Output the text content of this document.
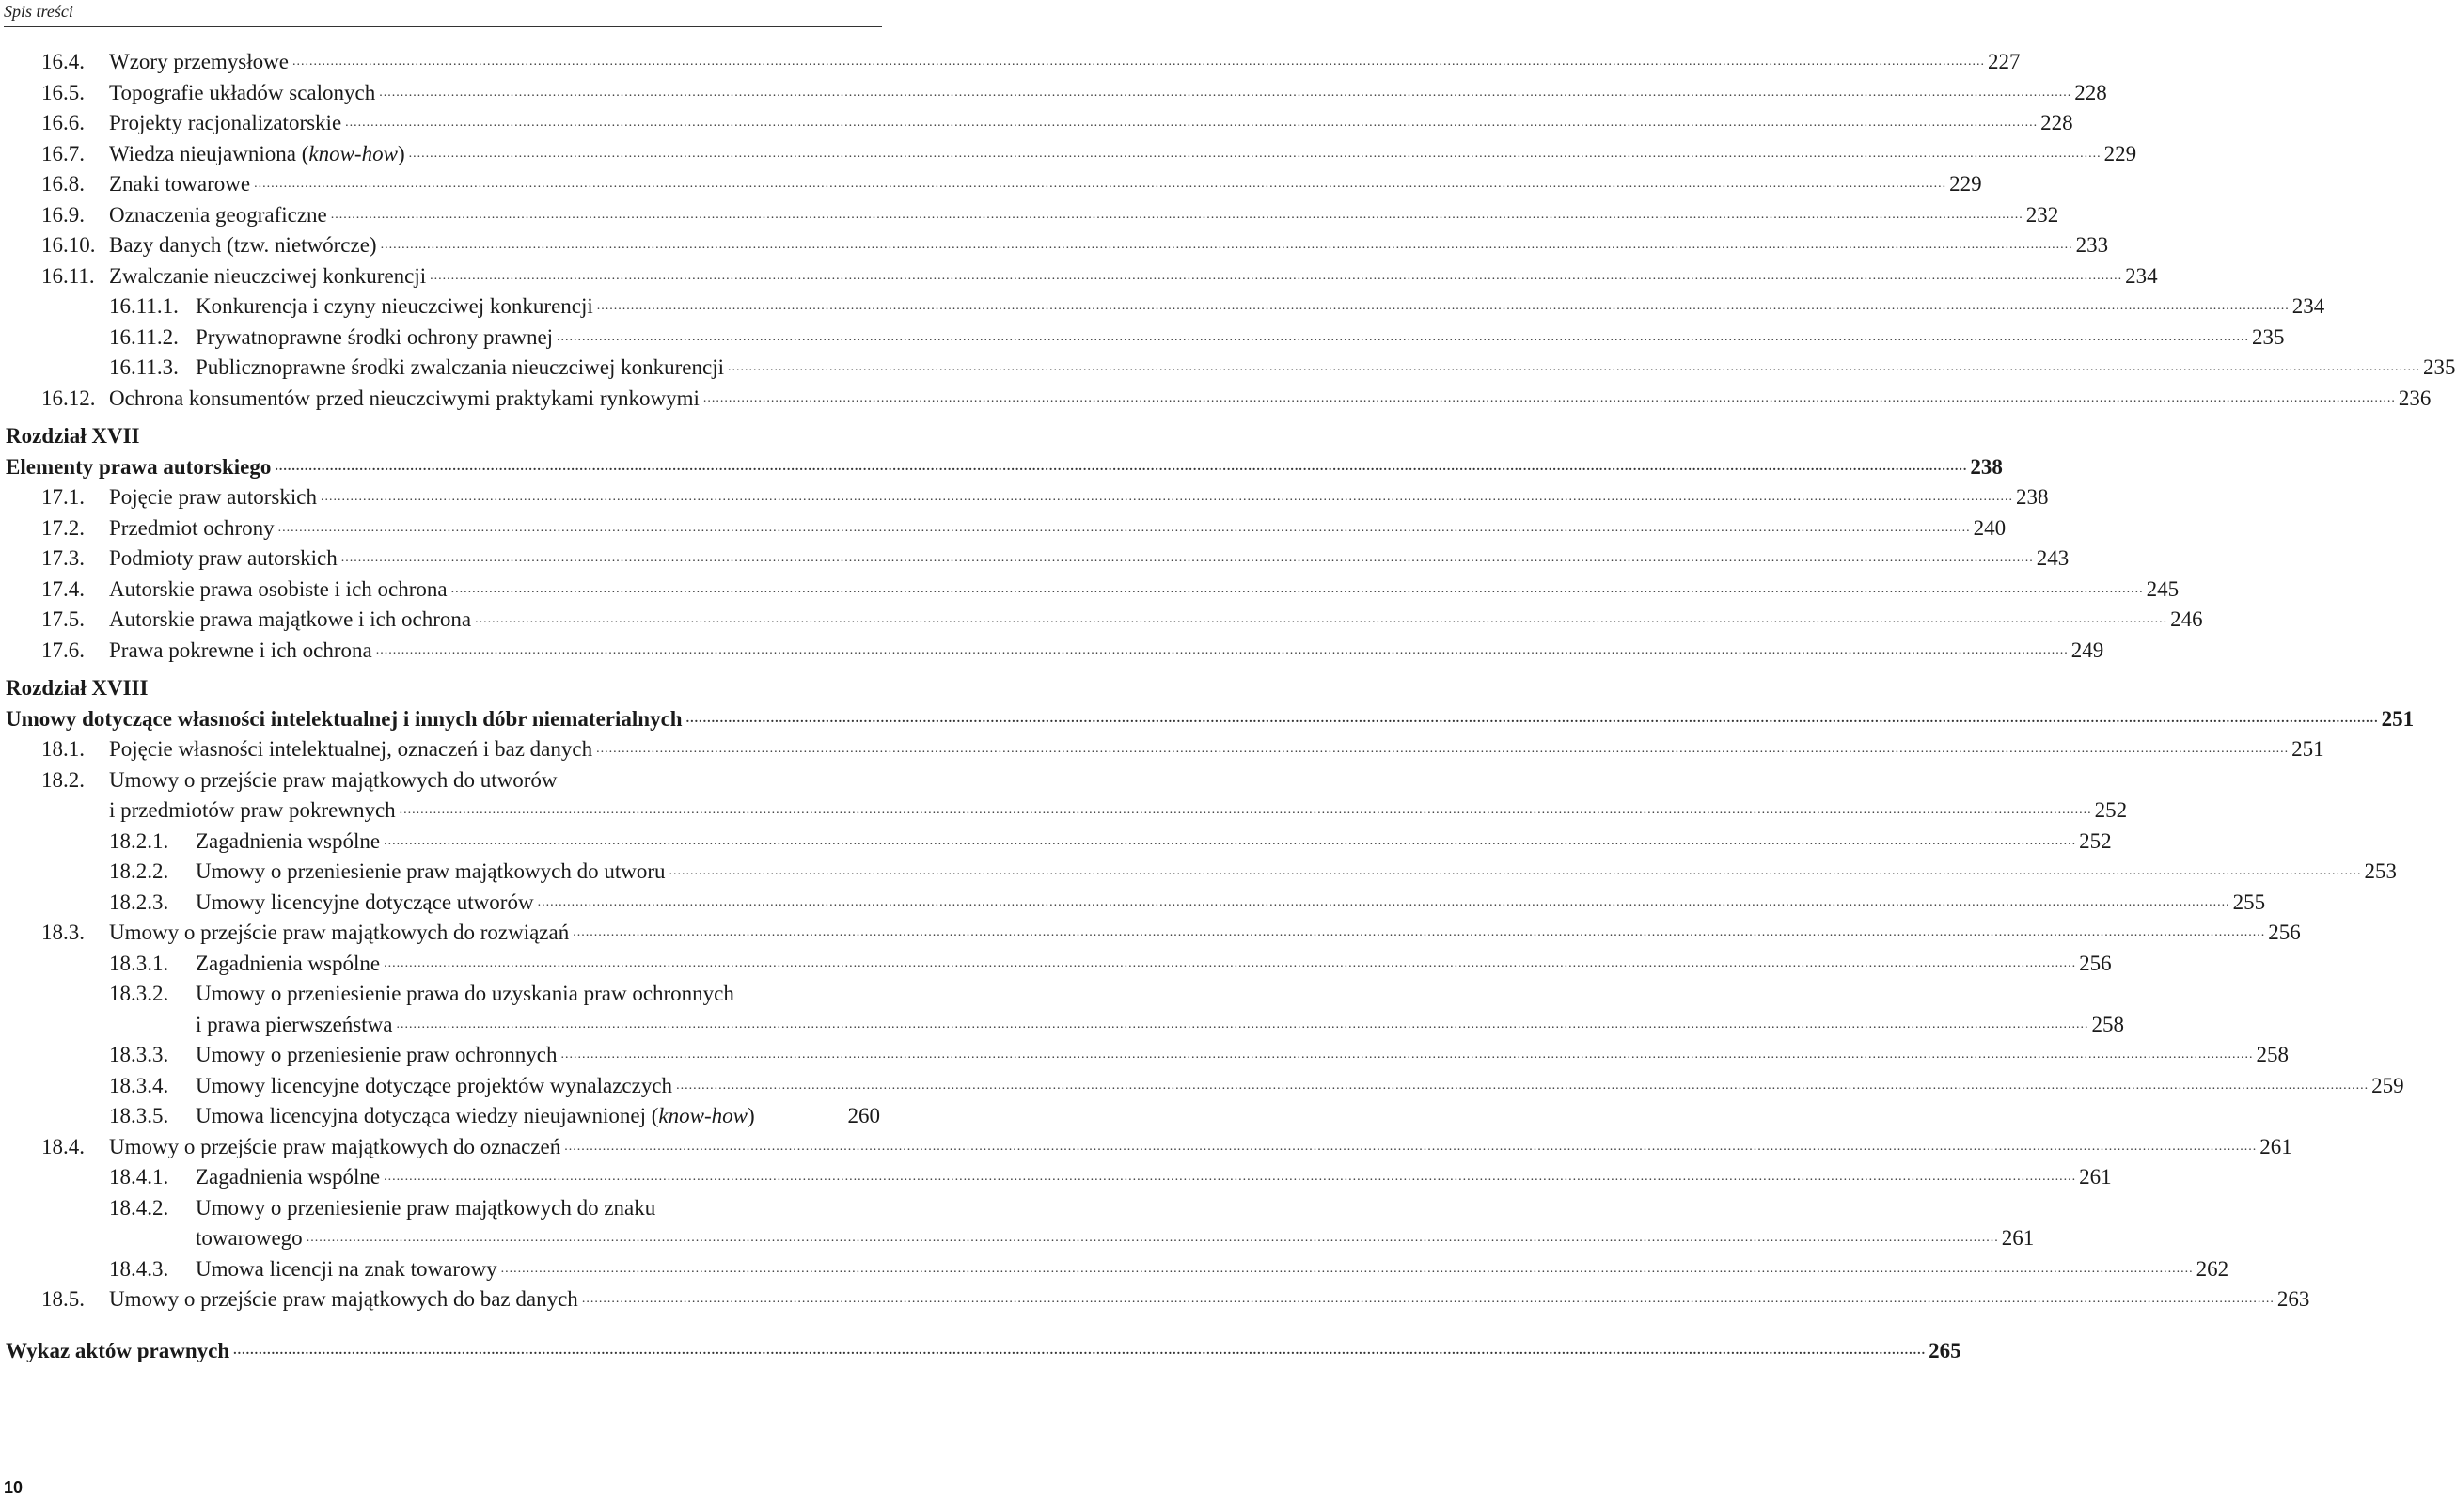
Spis treści
16.4. Wzory przemysłowe ................................................................................................................................................................................................................................................................................................................................................................................................................ 227
16.5. Topografie układów scalonych ................................................................................................................................................................................................................................................................................................................................................................................................................ 228
16.6. Projekty racjonalizatorskie ................................................................................................................................................................................................................................................................................................................................................................................................................ 228
16.7. Wiedza nieujawniona (know-how) ................................................................................................................................................................................................................................................................................................................................................................................................................ 229
16.8. Znaki towarowe ................................................................................................................................................................................................................................................................................................................................................................................................................ 229
16.9. Oznaczenia geograficzne ................................................................................................................................................................................................................................................................................................................................................................................................................ 232
16.10. Bazy danych (tzw. nietwórcze) ................................................................................................................................................................................................................................................................................................................................................................................................................ 233
16.11. Zwalczanie nieuczciwej konkurencji ................................................................................................................................................................................................................................................................................................................................................................................................................ 234
16.11.1. Konkurencja i czyny nieuczciwej konkurencji ................................................................................................................................................................................................................................................................................................................................................................................................................ 234
16.11.2. Prywatnoprawne środki ochrony prawnej ................................................................................................................................................................................................................................................................................................................................................................................................................ 235
16.11.3. Publicznoprawne środki zwalczania nieuczciwej konkurencji ................................................................................................................................................................................................................................................................................................................................................................................................................ 235
16.12. Ochrona konsumentów przed nieuczciwymi praktykami rynkowymi ................................................................................................................................................................................................................................................................................................................................................................................................................ 236
Rozdział XVII
Elementy prawa autorskiego ................................................................................................................................................................................................................................................................................................................................................................................................................ 238
17.1. Pojęcie praw autorskich ................................................................................................................................................................................................................................................................................................................................................................................................................ 238
17.2. Przedmiot ochrony ................................................................................................................................................................................................................................................................................................................................................................................................................ 240
17.3. Podmioty praw autorskich ................................................................................................................................................................................................................................................................................................................................................................................................................ 243
17.4. Autorskie prawa osobiste i ich ochrona ................................................................................................................................................................................................................................................................................................................................................................................................................ 245
17.5. Autorskie prawa majątkowe i ich ochrona ................................................................................................................................................................................................................................................................................................................................................................................................................ 246
17.6. Prawa pokrewne i ich ochrona ................................................................................................................................................................................................................................................................................................................................................................................................................ 249
Rozdział XVIII
Umowy dotyczące własności intelektualnej i innych dóbr niematerialnych ................................................................................................................................................................................................................................................................................................................................................................................................................ 251
18.1. Pojęcie własności intelektualnej, oznaczeń i baz danych ................................................................................................................................................................................................................................................................................................................................................................................................................ 251
18.2. Umowy o przejście praw majątkowych do utworów
i przedmiotów praw pokrewnych ................................................................................................................................................................................................................................................................................................................................................................................................................ 252
18.2.1. Zagadnienia wspólne ................................................................................................................................................................................................................................................................................................................................................................................................................ 252
18.2.2. Umowy o przeniesienie praw majątkowych do utworu ................................................................................................................................................................................................................................................................................................................................................................................................................ 253
18.2.3. Umowy licencyjne dotyczące utworów ................................................................................................................................................................................................................................................................................................................................................................................................................ 255
18.3. Umowy o przejście praw majątkowych do rozwiązań ................................................................................................................................................................................................................................................................................................................................................................................................................ 256
18.3.1. Zagadnienia wspólne ................................................................................................................................................................................................................................................................................................................................................................................................................ 256
18.3.2. Umowy o przeniesienie prawa do uzyskania praw ochronnych
i prawa pierwszeństwa ................................................................................................................................................................................................................................................................................................................................................................................................................ 258
18.3.3. Umowy o przeniesienie praw ochronnych ................................................................................................................................................................................................................................................................................................................................................................................................................ 258
18.3.4. Umowy licencyjne dotyczące projektów wynalazczych ................................................................................................................................................................................................................................................................................................................................................................................................................ 259
18.3.5. Umowa licencyjna dotycząca wiedzy nieujawnionej (know-how)	260
18.4. Umowy o przejście praw majątkowych do oznaczeń ................................................................................................................................................................................................................................................................................................................................................................................................................ 261
18.4.1. Zagadnienia wspólne ................................................................................................................................................................................................................................................................................................................................................................................................................ 261
18.4.2. Umowy o przeniesienie praw majątkowych do znaku
towarowego ................................................................................................................................................................................................................................................................................................................................................................................................................ 261
18.4.3. Umowa licencji na znak towarowy ................................................................................................................................................................................................................................................................................................................................................................................................................ 262
18.5. Umowy o przejście praw majątkowych do baz danych ................................................................................................................................................................................................................................................................................................................................................................................................................ 263
Wykaz aktów prawnych ................................................................................................................................................................................................................................................................................................................................................................................................................ 265
10
